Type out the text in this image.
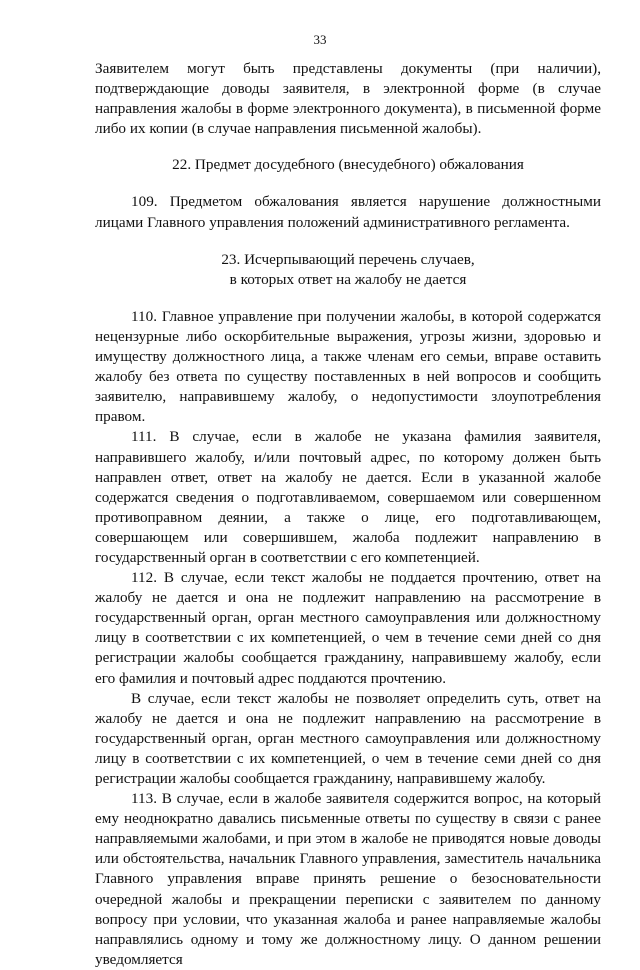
33

Заявителем могут быть представлены документы (при наличии), подтверждающие доводы заявителя, в электронной форме (в случае направления жалобы в форме электронного документа), в письменной форме либо их копии (в случае направления письменной жалобы).

22. Предмет досудебного (внесудебного) обжалования

109. Предметом обжалования является нарушение должностными лицами Главного управления положений административного регламента.

23. Исчерпывающий перечень случаев,

в которых ответ на жалобу не дается

110. Главное управление при получении жалобы, в которой содержатся нецензурные либо оскорбительные выражения, угрозы жизни, здоровью и имуществу должностного лица, а также членам его семьи, вправе оставить жалобу без ответа по существу поставленных в ней вопросов и сообщить заявителю, направившему жалобу, о недопустимости злоупотребления правом.

111. В случае, если в жалобе не указана фамилия заявителя, направившего жалобу, и/или почтовый адрес, по которому должен быть направлен ответ, ответ на жалобу не дается. Если в указанной жалобе содержатся сведения о подготавливаемом, совершаемом или совершенном противоправном деянии, а также о лице, его подготавливающем, совершающем или совершившем, жалоба подлежит направлению в государственный орган в соответствии с его компетенцией.

112. В случае, если текст жалобы не поддается прочтению, ответ на жалобу не дается и она не подлежит направлению на рассмотрение в государственный орган, орган местного самоуправления или должностному лицу в соответствии с их компетенцией, о чем в течение семи дней со дня регистрации жалобы сообщается гражданину, направившему жалобу, если его фамилия и почтовый адрес поддаются прочтению.

В случае, если текст жалобы не позволяет определить суть, ответ на жалобу не дается и она не подлежит направлению на рассмотрение в государственный орган, орган местного самоуправления или должностному лицу в соответствии с их компетенцией, о чем в течение семи дней со дня регистрации жалобы сообщается гражданину, направившему жалобу.

113. В случае, если в жалобе заявителя содержится вопрос, на который ему неоднократно давались письменные ответы по существу в связи с ранее направляемыми жалобами, и при этом в жалобе не приводятся новые доводы или обстоятельства, начальник Главного управления, заместитель начальника Главного управления вправе принять решение о безосновательности очередной жалобы и прекращении переписки с заявителем по данному вопросу при условии, что указанная жалоба и ранее направляемые жалобы направлялись одному и тому же должностному лицу. О данном решении уведомляется
